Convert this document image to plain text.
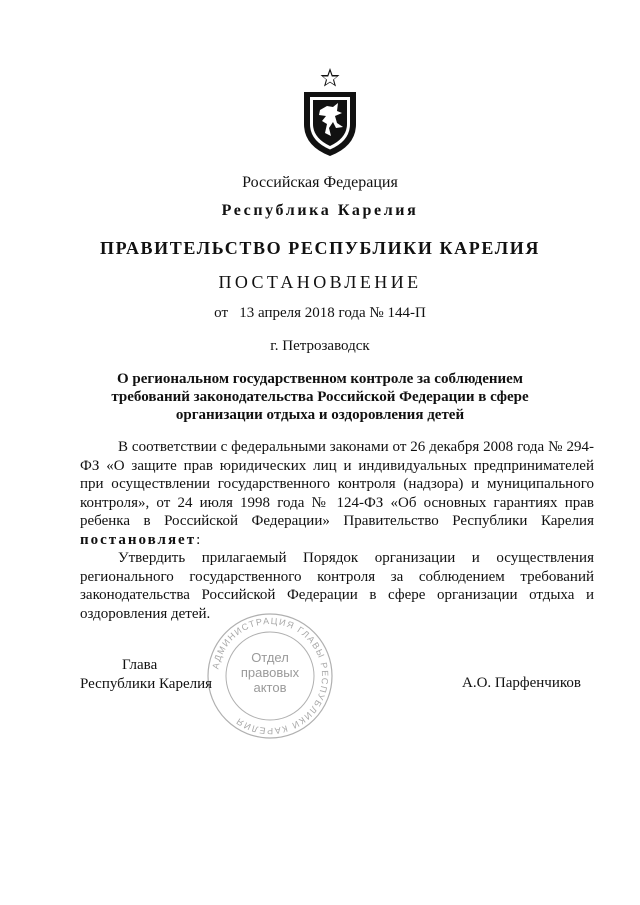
Российская Федерация
Республика Карелия
ПРАВИТЕЛЬСТВО РЕСПУБЛИКИ КАРЕЛИЯ
ПОСТАНОВЛЕНИЕ
от   13 апреля 2018 года № 144-П
г. Петрозаводск
О региональном государственном контроле за соблюдением
требований законодательства Российской Федерации в сфере
организации отдыха и оздоровления детей

В соответствии с федеральными законами от 26 декабря 2008 года № 294-ФЗ «О защите прав юридических лиц и индивидуальных предпринимателей при осуществлении государственного контроля (надзора) и муниципального контроля», от 24 июля 1998 года № 124-ФЗ «Об основных гарантиях прав ребенка в Российской Федерации» Правительство Республики Карелия постановляет:

Утвердить прилагаемый Порядок организации и осуществления регионального государственного контроля за соблюдением требований законодательства Российской Федерации в сфере организации отдыха и оздоровления детей.

АДМИНИСТРАЦИЯ ГЛАВЫ РЕСПУБЛИКИ КАРЕЛИЯ
Отдел
правовых
актов
Глава
Республики Карелия	А.О. Парфенчиков
